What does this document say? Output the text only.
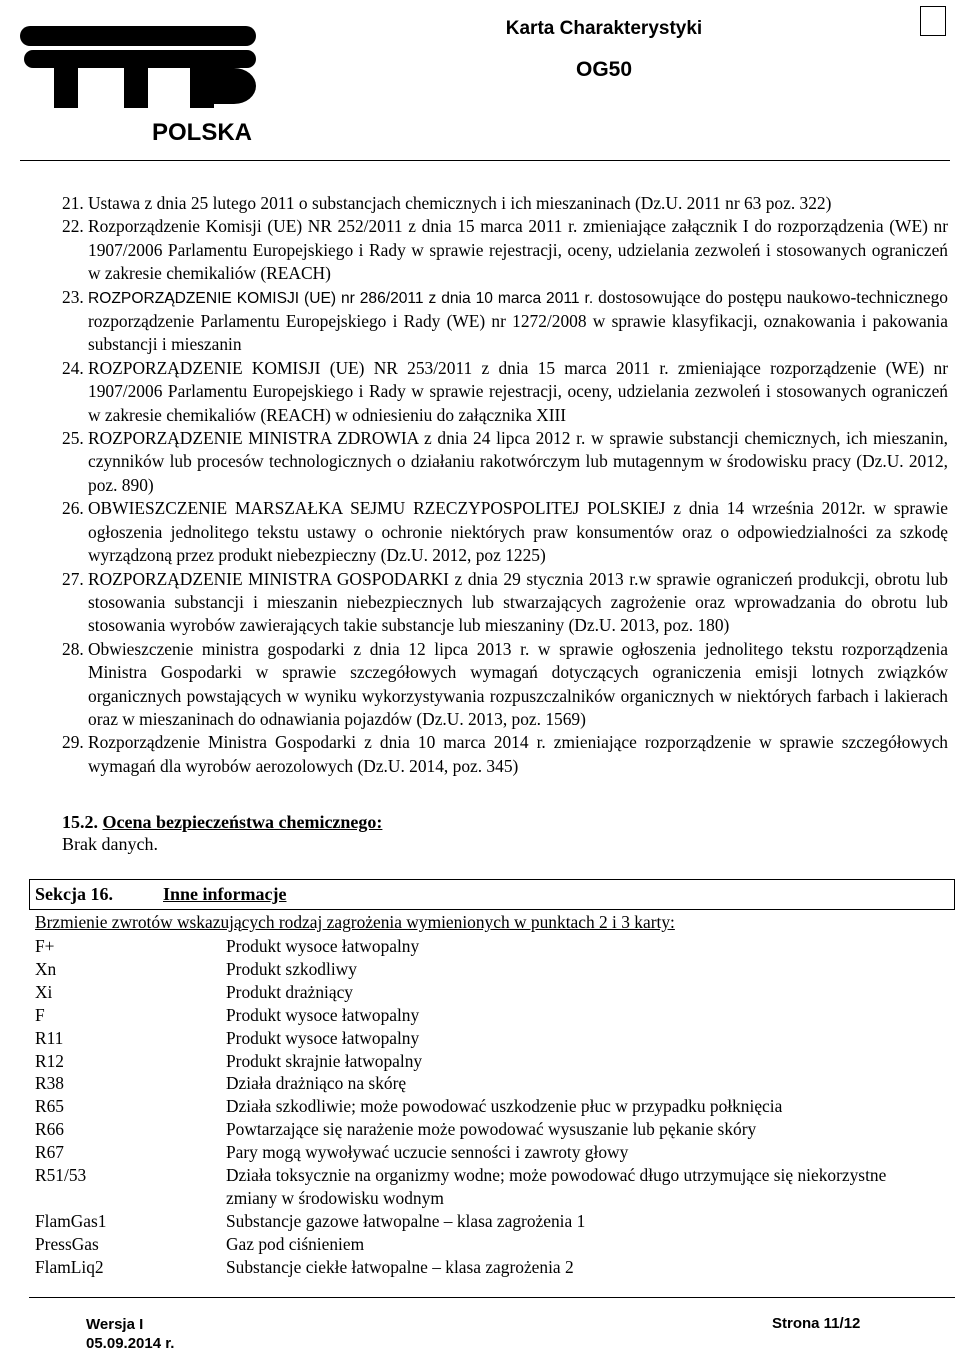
POLSKA
Karta Charakterystyki
OG50
21. Ustawa z dnia 25 lutego 2011 o substancjach chemicznych i ich mieszaninach (Dz.U. 2011 nr 63 poz. 322)
22. Rozporządzenie Komisji (UE) NR 252/2011 z dnia 15 marca 2011 r. zmieniające załącznik I do rozporządzenia (WE) nr 1907/2006 Parlamentu Europejskiego i Rady w sprawie rejestracji, oceny, udzielania zezwoleń i stosowanych ograniczeń w zakresie chemikaliów (REACH)
23. ROZPORZĄDZENIE KOMISJI (UE) nr 286/2011 z dnia 10 marca 2011 r. dostosowujące do postępu naukowo-technicznego rozporządzenie Parlamentu Europejskiego i Rady (WE) nr 1272/2008 w sprawie klasyfikacji, oznakowania i pakowania substancji i mieszanin
24. ROZPORZĄDZENIE KOMISJI (UE) NR 253/2011 z dnia 15 marca 2011 r. zmieniające rozporządzenie (WE) nr 1907/2006 Parlamentu Europejskiego i Rady w sprawie rejestracji, oceny, udzielania zezwoleń i stosowanych ograniczeń w zakresie chemikaliów (REACH) w odniesieniu do załącznika XIII
25. ROZPORZĄDZENIE MINISTRA ZDROWIA z dnia 24 lipca 2012 r. w sprawie substancji chemicznych, ich mieszanin, czynników lub procesów technologicznych o działaniu rakotwórczym lub mutagennym w środowisku pracy (Dz.U. 2012, poz. 890)
26. OBWIESZCZENIE MARSZAŁKA SEJMU RZECZYPOSPOLITEJ POLSKIEJ z dnia 14 września 2012r. w sprawie ogłoszenia jednolitego tekstu ustawy o ochronie niektórych praw konsumentów oraz o odpowiedzialności za szkodę wyrządzoną przez produkt niebezpieczny (Dz.U. 2012, poz 1225)
27. ROZPORZĄDZENIE MINISTRA GOSPODARKI z dnia 29 stycznia 2013 r.w sprawie ograniczeń produkcji, obrotu lub stosowania substancji i mieszanin niebezpiecznych lub stwarzających zagrożenie oraz wprowadzania do obrotu lub stosowania wyrobów zawierających takie substancje lub mieszaniny (Dz.U. 2013, poz. 180)
28. Obwieszczenie ministra gospodarki z dnia 12 lipca 2013 r. w sprawie ogłoszenia jednolitego tekstu rozporządzenia Ministra Gospodarki w sprawie szczegółowych wymagań dotyczących ograniczenia emisji lotnych związków organicznych powstających w wyniku wykorzystywania rozpuszczalników organicznych w niektórych farbach i lakierach oraz w mieszaninach do odnawiania pojazdów (Dz.U. 2013, poz. 1569)
29. Rozporządzenie Ministra Gospodarki z dnia 10 marca 2014 r. zmieniające rozporządzenie w sprawie szczegółowych wymagań dla wyrobów aerozolowych (Dz.U. 2014, poz. 345)
15.2. Ocena bezpieczeństwa chemicznego:
Brak danych.
Sekcja 16.	Inne informacje
Brzmienie zwrotów wskazujących rodzaj zagrożenia wymienionych w punktach 2 i 3 karty:
F+	Produkt wysoce łatwopalny
Xn	Produkt szkodliwy
Xi	Produkt drażniący
F	Produkt wysoce łatwopalny
R11	Produkt wysoce łatwopalny
R12	Produkt skrajnie łatwopalny
R38	Działa drażniąco na skórę
R65	Działa szkodliwie; może powodować uszkodzenie płuc w przypadku połknięcia
R66	Powtarzające się narażenie może powodować wysuszanie lub pękanie skóry
R67	Pary mogą wywoływać uczucie senności i zawroty głowy
R51/53	Działa toksycznie na organizmy wodne; może powodować długo utrzymujące się niekorzystne zmiany w środowisku wodnym
FlamGas1	Substancje gazowe łatwopalne – klasa zagrożenia 1
PressGas	Gaz pod ciśnieniem
FlamLiq2	Substancje ciekłe łatwopalne – klasa zagrożenia 2
Wersja I
05.09.2014 r.
Strona 11/12
